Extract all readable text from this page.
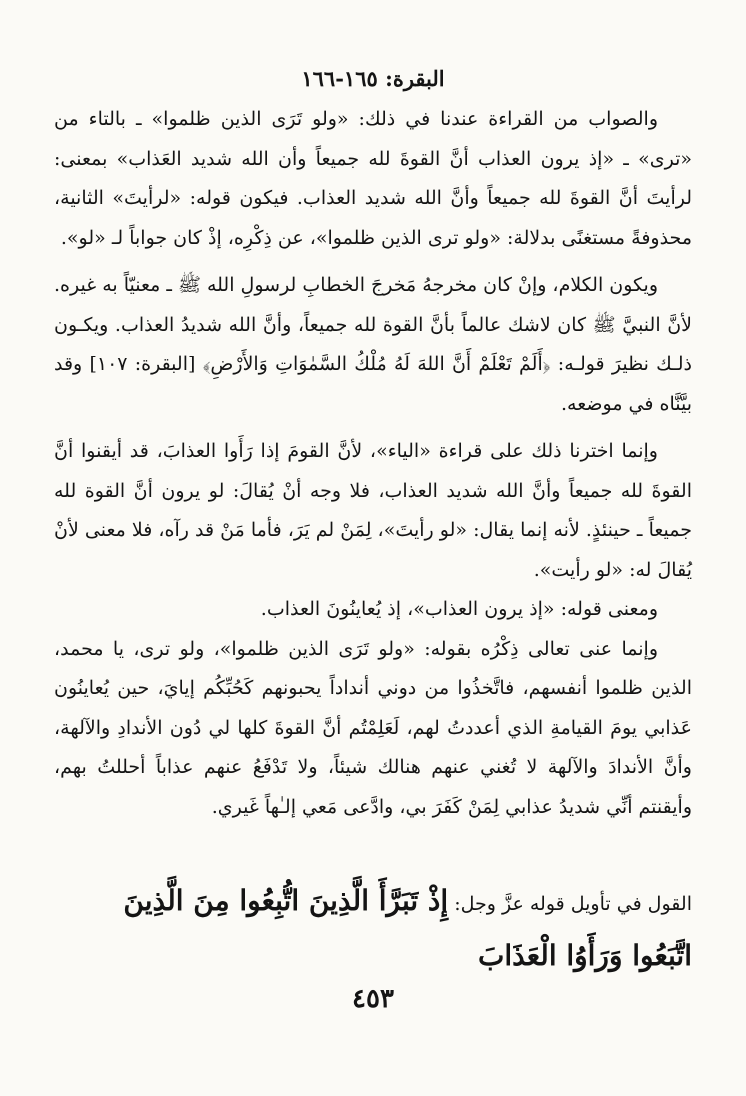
البقرة: ١٦٥-١٦٦

والصواب من القراءة عندنا في ذلك: «ولو تَرَى الذين ظلموا» ـ بالتاء من «ترى» ـ «إذ يرون العذاب أنَّ القوةَ لله جميعاً وأن الله شديد العَذاب» بمعنى: لرأيتَ أنَّ القوةَ لله جميعاً وأنَّ الله شديد العذاب. فيكون قوله: «لرأيتَ» الثانية، محذوفةً مستغنًى بدلالة: «ولو ترى الذين ظلموا»، عن ذِكْرِه، إذْ كان جواباً لـ «لو».

ويكون الكلام، وإنْ كان مخرجهُ مَخرجَ الخطابِ لرسولِ الله ﷺ ـ معنيّاً به غيره. لأنَّ النبيَّ ﷺ كان لاشك عالماً بأنَّ القوة لله جميعاً، وأنَّ الله شديدُ العذاب. ويكـون ذلـك نظيرَ قولـه: ﴿أَلَمْ تَعْلَمْ أَنَّ اللهَ لَهُ مُلْكُ السَّمٰوَاتِ وَالأَرْضِ﴾ [البقرة: ١٠٧] وقد بيَّنَّاه في موضعه.

وإنما اخترنا ذلك على قراءة «الياء»، لأنَّ القومَ إذا رَأَوا العذابَ، قد أيقنوا أنَّ القوةَ لله جميعاً وأنَّ الله شديد العذاب، فلا وجه أنْ يُقالَ: لو يرون أنَّ القوة لله جميعاً ـ حينئذٍ. لأنه إنما يقال: «لو رأيتَ»، لِمَنْ لم يَرَ، فأما مَنْ قد رآه، فلا معنى لأنْ يُقالَ له: «لو رأيت».

ومعنى قوله: «إذ يرون العذاب»، إذ يُعاينُونَ العذاب.

وإنما عنى تعالى ذِكْرُه بقوله: «ولو تَرَى الذين ظلموا»، ولو ترى، يا محمد، الذين ظلموا أنفسهم، فاتَّخذُوا من دوني أنداداً يحبونهم كَحُبِّكُم إيايَ، حين يُعاينُون عَذابي يومَ القيامةِ الذي أعددتُ لهم، لَعَلِمْتُم أنَّ القوةَ كلها لي دُون الأندادِ والآلهة، وأنَّ الأندادَ والآلهة لا تُغني عنهم هنالك شيئاً، ولا تَدْفَعُ عنهم عذاباً أحللتُ بهم، وأيقنتم أنِّي شديدُ عذابي لِمَنْ كَفَرَ بي، وادَّعى مَعي إلـٰهاً غَيري.

القول في تأويل قوله عزَّ وجل: إِذْ تَبَرَّأَ الَّذِينَ اتُّبِعُوا مِنَ الَّذِينَ اتَّبَعُوا وَرَأَوُا الْعَذَابَ
٤٥٣
